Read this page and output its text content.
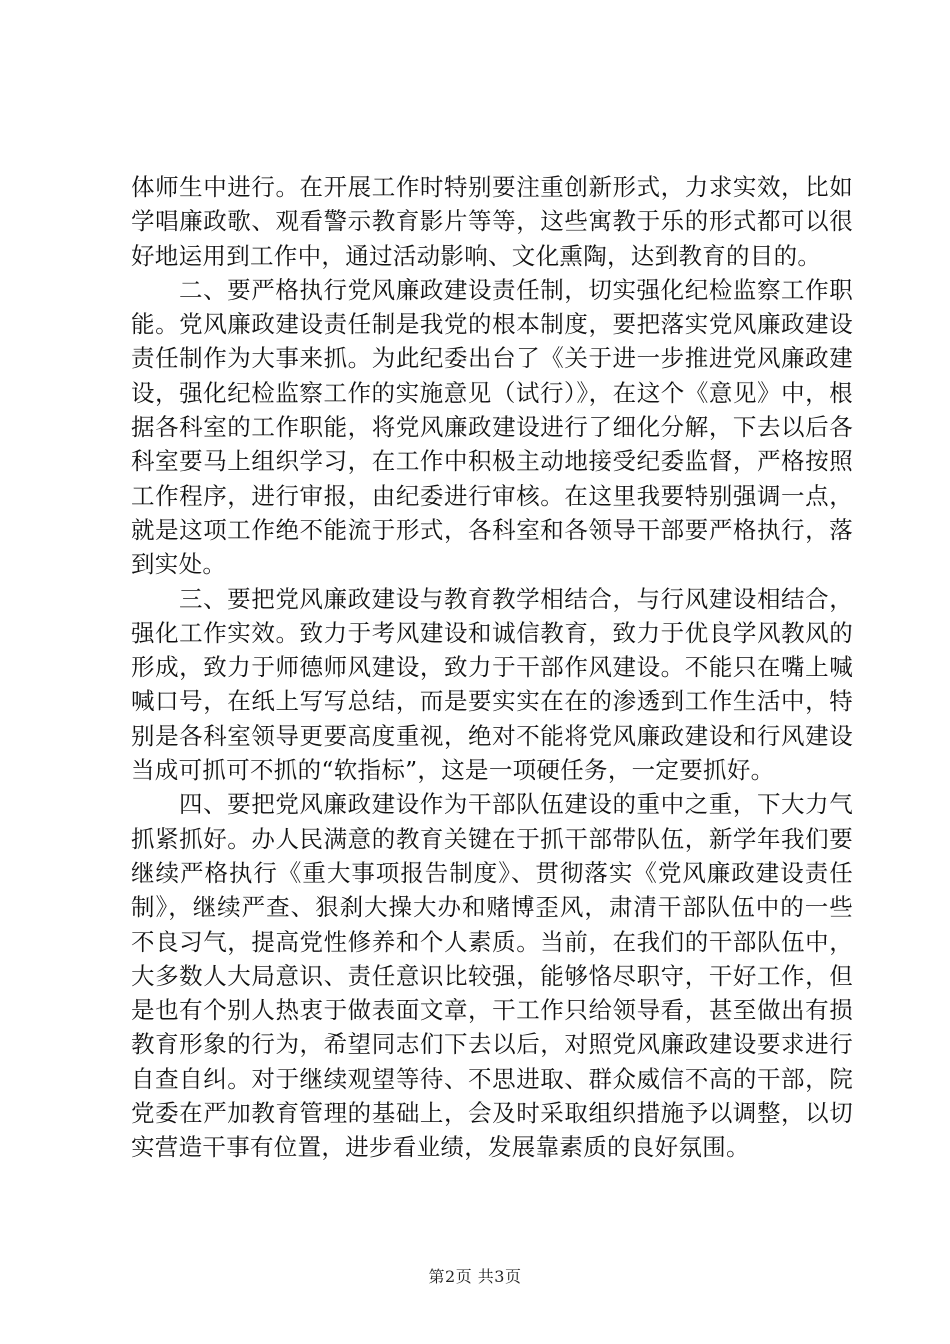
体师生中进行。在开展工作时特别要注重创新形式，力求实效，比如学唱廉政歌、观看警示教育影片等等，这些寓教于乐的形式都可以很好地运用到工作中，通过活动影响、文化熏陶，达到教育的目的。

二、要严格执行党风廉政建设责任制，切实强化纪检监察工作职能。党风廉政建设责任制是我党的根本制度，要把落实党风廉政建设责任制作为大事来抓。为此纪委出台了《关于进一步推进党风廉政建设，强化纪检监察工作的实施意见（试行）》，在这个《意见》中，根据各科室的工作职能，将党风廉政建设进行了细化分解，下去以后各科室要马上组织学习，在工作中积极主动地接受纪委监督，严格按照工作程序，进行审报，由纪委进行审核。在这里我要特别强调一点，就是这项工作绝不能流于形式，各科室和各领导干部要严格执行，落到实处。

三、要把党风廉政建设与教育教学相结合，与行风建设相结合，强化工作实效。致力于考风建设和诚信教育，致力于优良学风教风的形成，致力于师德师风建设，致力于干部作风建设。不能只在嘴上喊喊口号，在纸上写写总结，而是要实实在在的渗透到工作生活中，特别是各科室领导更要高度重视，绝对不能将党风廉政建设和行风建设当成可抓可不抓的“软指标”，这是一项硬任务，一定要抓好。

四、要把党风廉政建设作为干部队伍建设的重中之重，下大力气抓紧抓好。办人民满意的教育关键在于抓干部带队伍，新学年我们要继续严格执行《重大事项报告制度》、贯彻落实《党风廉政建设责任制》，继续严查、狠刹大操大办和赌博歪风，肃清干部队伍中的一些不良习气，提高党性修养和个人素质。当前，在我们的干部队伍中，大多数人大局意识、责任意识比较强，能够恪尽职守，干好工作，但是也有个别人热衷于做表面文章，干工作只给领导看，甚至做出有损教育形象的行为，希望同志们下去以后，对照党风廉政建设要求进行自查自纠。对于继续观望等待、不思进取、群众威信不高的干部，院党委在严加教育管理的基础上，会及时采取组织措施予以调整，以切实营造干事有位置，进步看业绩，发展靠素质的良好氛围。

第2页 共3页
